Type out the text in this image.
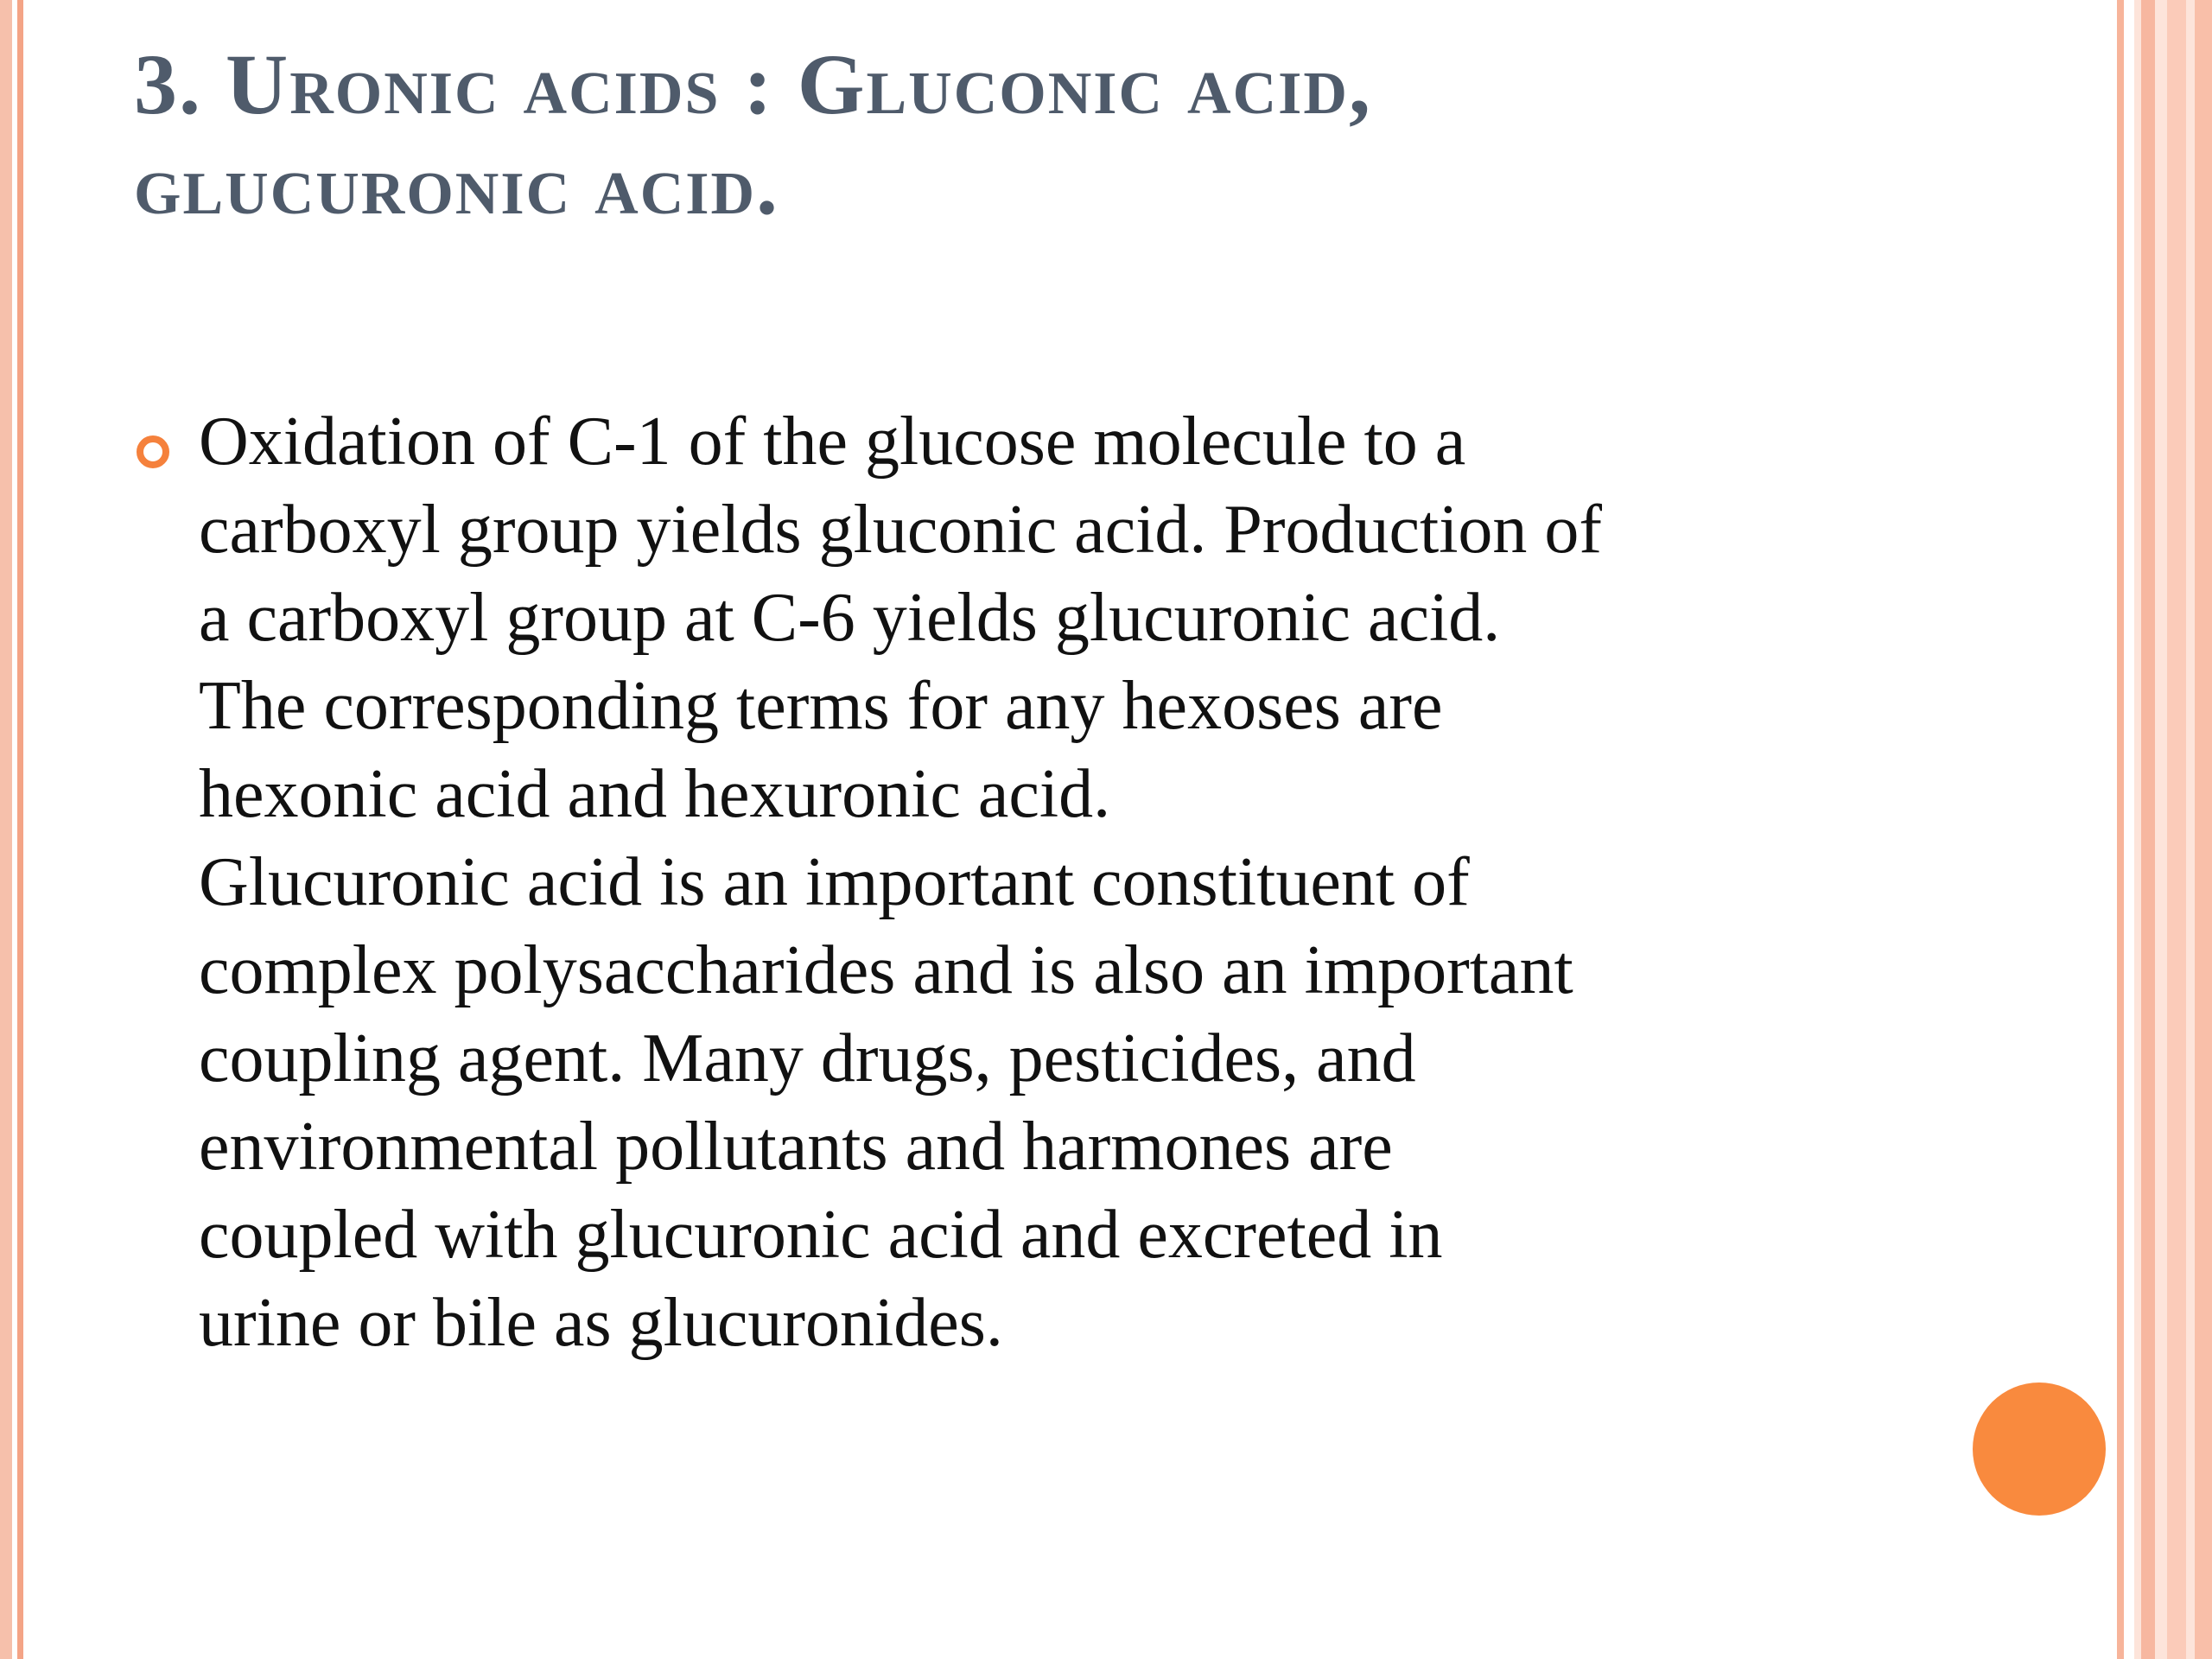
3. Uronic acids : Gluconic acid,
glucuronic acid.
Oxidation of C-1 of the glucose molecule to a
carboxyl group yields gluconic acid. Production of
a carboxyl group at C-6 yields glucuronic acid.
The corresponding terms for any hexoses are
hexonic acid and hexuronic acid.
Glucuronic acid is an important constituent of
complex polysaccharides and is also an important
coupling agent. Many drugs, pesticides, and
environmental pollutants and harmones are
coupled with glucuronic acid and excreted in
urine or bile as glucuronides.
